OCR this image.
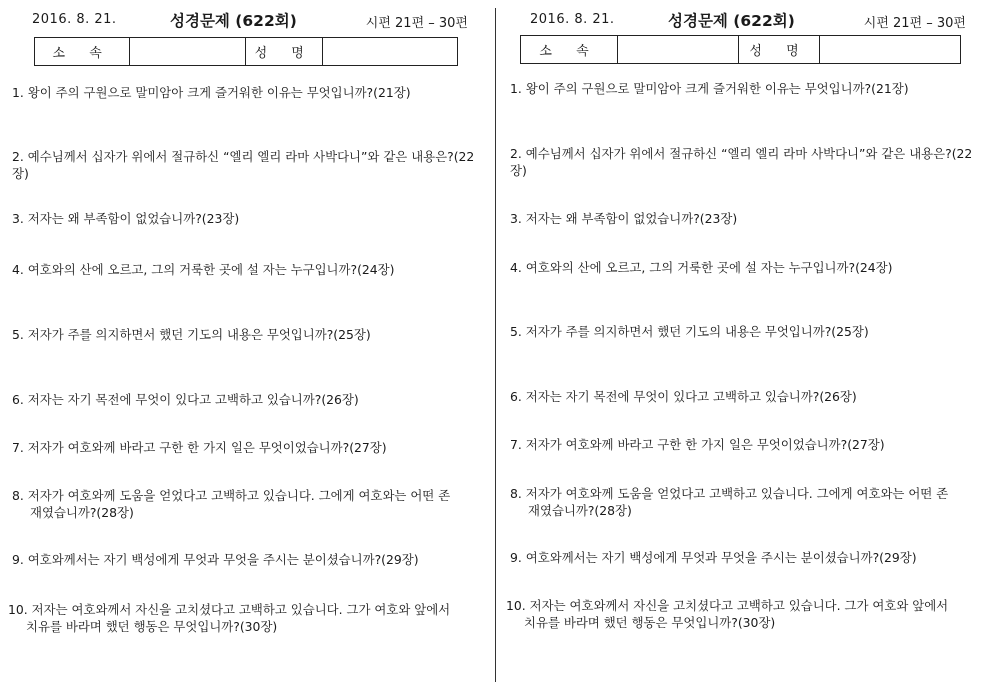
2016. 8. 21.	성경문제 (622회)	시편 21편 – 30편
소 속		성 명	
1. 왕이 주의 구원으로 말미암아 크게 즐거워한 이유는 무엇입니까?(21장)
2. 예수님께서 십자가 위에서 절규하신 “엘리 엘리 라마 사박다니”와 같은 내용은?(22장)
3. 저자는 왜 부족함이 없었습니까?(23장)
4. 여호와의 산에 오르고, 그의 거룩한 곳에 설 자는 누구입니까?(24장)
5. 저자가 주를 의지하면서 했던 기도의 내용은 무엇입니까?(25장)
6. 저자는 자기 목전에 무엇이 있다고 고백하고 있습니까?(26장)
7. 저자가 여호와께 바라고 구한 한 가지 일은 무엇이었습니까?(27장)
8. 저자가 여호와께 도움을 얻었다고 고백하고 있습니다. 그에게 여호와는 어떤 존
재였습니까?(28장)
9. 여호와께서는 자기 백성에게 무엇과 무엇을 주시는 분이셨습니까?(29장)
10. 저자는 여호와께서 자신을 고치셨다고 고백하고 있습니다. 그가 여호와 앞에서
치유를 바라며 했던 행동은 무엇입니까?(30장)
2016. 8. 21.	성경문제 (622회)	시편 21편 – 30편
소 속		성 명	
1. 왕이 주의 구원으로 말미암아 크게 즐거워한 이유는 무엇입니까?(21장)
2. 예수님께서 십자가 위에서 절규하신 “엘리 엘리 라마 사박다니”와 같은 내용은?(22장)
3. 저자는 왜 부족함이 없었습니까?(23장)
4. 여호와의 산에 오르고, 그의 거룩한 곳에 설 자는 누구입니까?(24장)
5. 저자가 주를 의지하면서 했던 기도의 내용은 무엇입니까?(25장)
6. 저자는 자기 목전에 무엇이 있다고 고백하고 있습니까?(26장)
7. 저자가 여호와께 바라고 구한 한 가지 일은 무엇이었습니까?(27장)
8. 저자가 여호와께 도움을 얻었다고 고백하고 있습니다. 그에게 여호와는 어떤 존
재였습니까?(28장)
9. 여호와께서는 자기 백성에게 무엇과 무엇을 주시는 분이셨습니까?(29장)
10. 저자는 여호와께서 자신을 고치셨다고 고백하고 있습니다. 그가 여호와 앞에서
치유를 바라며 했던 행동은 무엇입니까?(30장)
